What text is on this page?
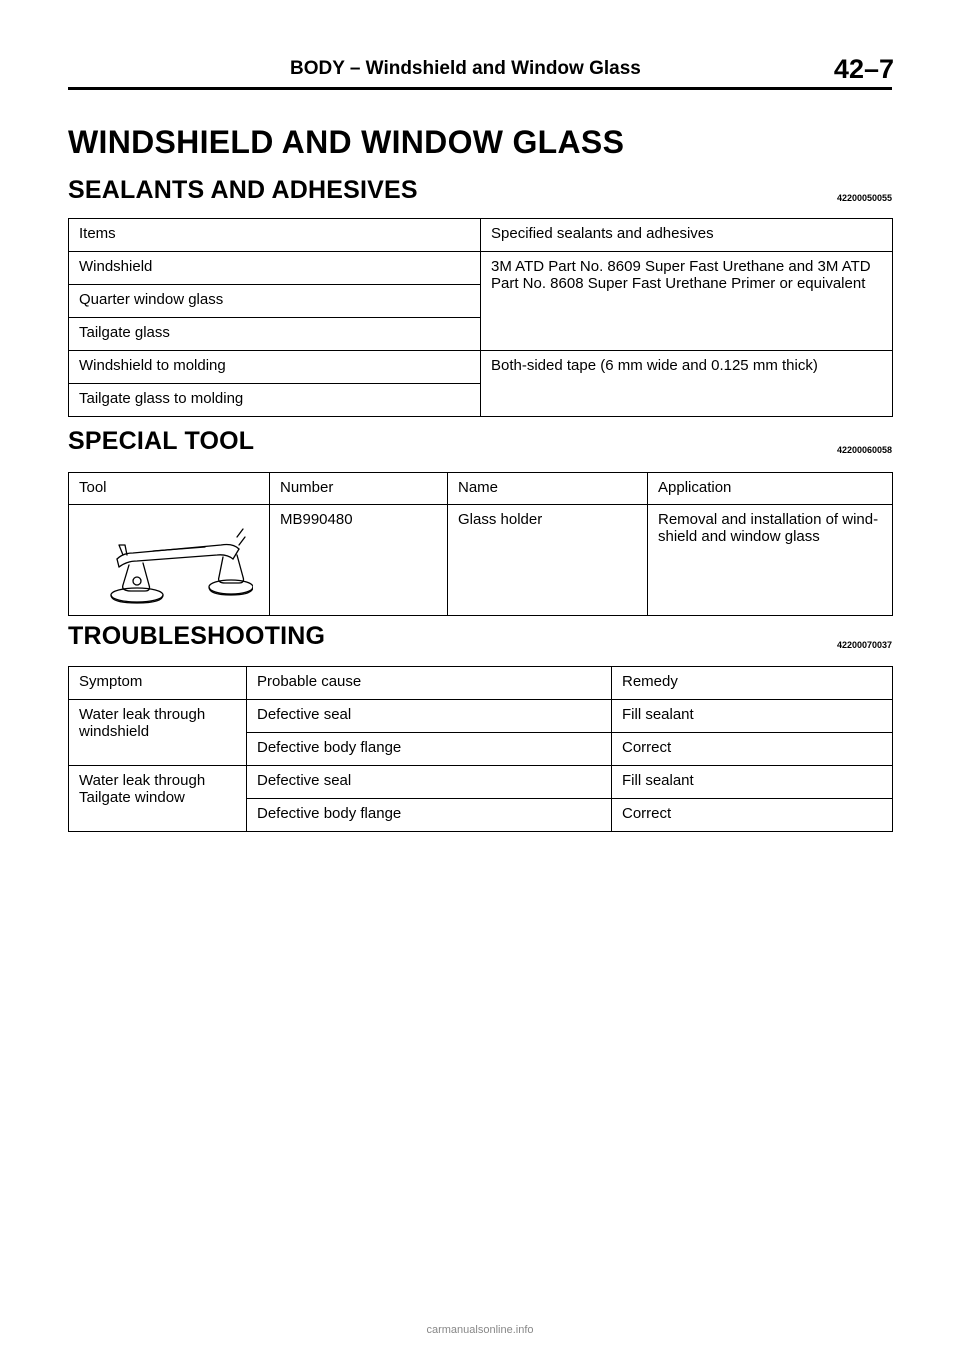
BODY – Windshield and Window Glass	42–7
WINDSHIELD AND WINDOW GLASS
SEALANTS AND ADHESIVES	42200050055
Items	Specified sealants and adhesives
Windshield	3M ATD Part No. 8609 Super Fast Urethane and 3M ATD Part No. 8608 Super Fast Urethane Primer or equivalent
Quarter window glass	
Tailgate glass	
Windshield to molding	Both-sided tape (6 mm wide and 0.125 mm thick)
Tailgate glass to molding	
SPECIAL TOOL	42200060058
Tool	Number	Name	Application

	MB990480	Glass holder	Removal and installation of wind-shield and window glass
TROUBLESHOOTING	42200070037
Symptom	Probable cause	Remedy
Water leak through windshield	Defective seal	Fill sealant
	Defective body flange	Correct
Water leak through Tailgate window	Defective seal	Fill sealant
	Defective body flange	Correct
carmanualsonline.info
